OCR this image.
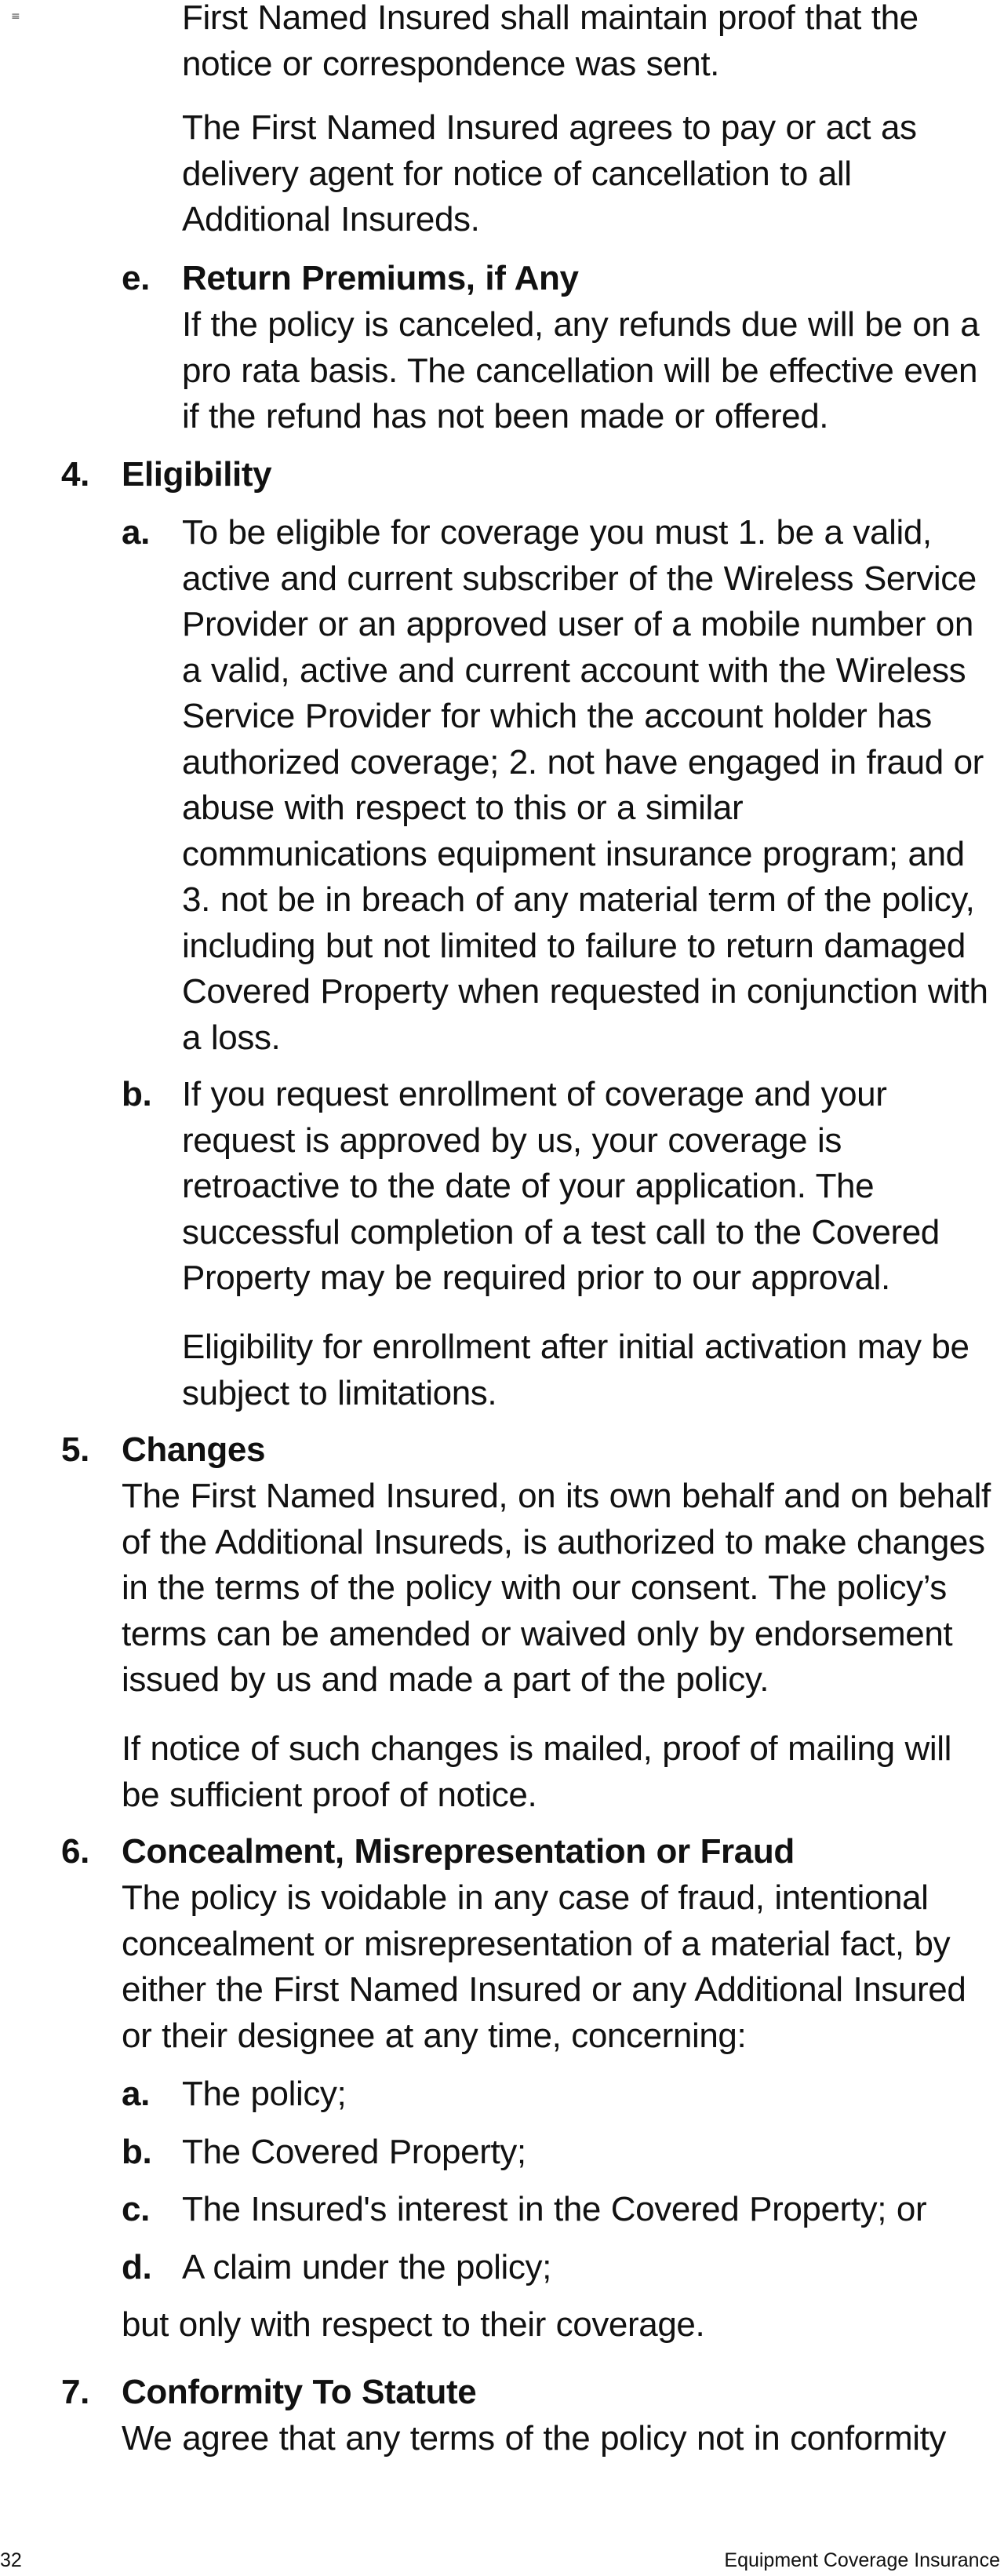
≡	First Named Insured shall maintain proof that the notice or correspondence was sent.

The First Named Insured agrees to pay or act as delivery agent for notice of cancellation to all Additional Insureds.

e. Return Premiums, if Any

If the policy is canceled, any refunds due will be on a pro rata basis. The cancellation will be effective even if the refund has not been made or offered.

4. Eligibility

a. To be eligible for coverage you must 1. be a valid, active and current subscriber of the Wireless Service Provider or an approved user of a mobile number on a valid, active and current account with the Wireless Service Provider for which the account holder has authorized coverage; 2. not have engaged in fraud or abuse with respect to this or a similar communications equipment insurance program; and 3. not be in breach of any material term of the policy, including but not limited to failure to return damaged Covered Property when requested in conjunction with a loss.

b. If you request enrollment of coverage and your request is approved by us, your coverage is retroactive to the date of your application. The successful completion of a test call to the Covered Property may be required prior to our approval.

Eligibility for enrollment after initial activation may be subject to limitations.

5. Changes

The First Named Insured, on its own behalf and on behalf of the Additional Insureds, is authorized to make changes in the terms of the policy with our consent. The policy’s terms can be amended or waived only by endorsement issued by us and made a part of the policy.

If notice of such changes is mailed, proof of mailing will be sufficient proof of notice.

6. Concealment, Misrepresentation or Fraud

The policy is voidable in any case of fraud, intentional concealment or misrepresentation of a material fact, by either the First Named Insured or any Additional Insured or their designee at any time, concerning:

a. The policy;

b. The Covered Property;

c. The Insured's interest in the Covered Property; or

d. A claim under the policy;

but only with respect to their coverage.

7. Conformity To Statute

We agree that any terms of the policy not in conformity

32	Equipment Coverage Insurance
